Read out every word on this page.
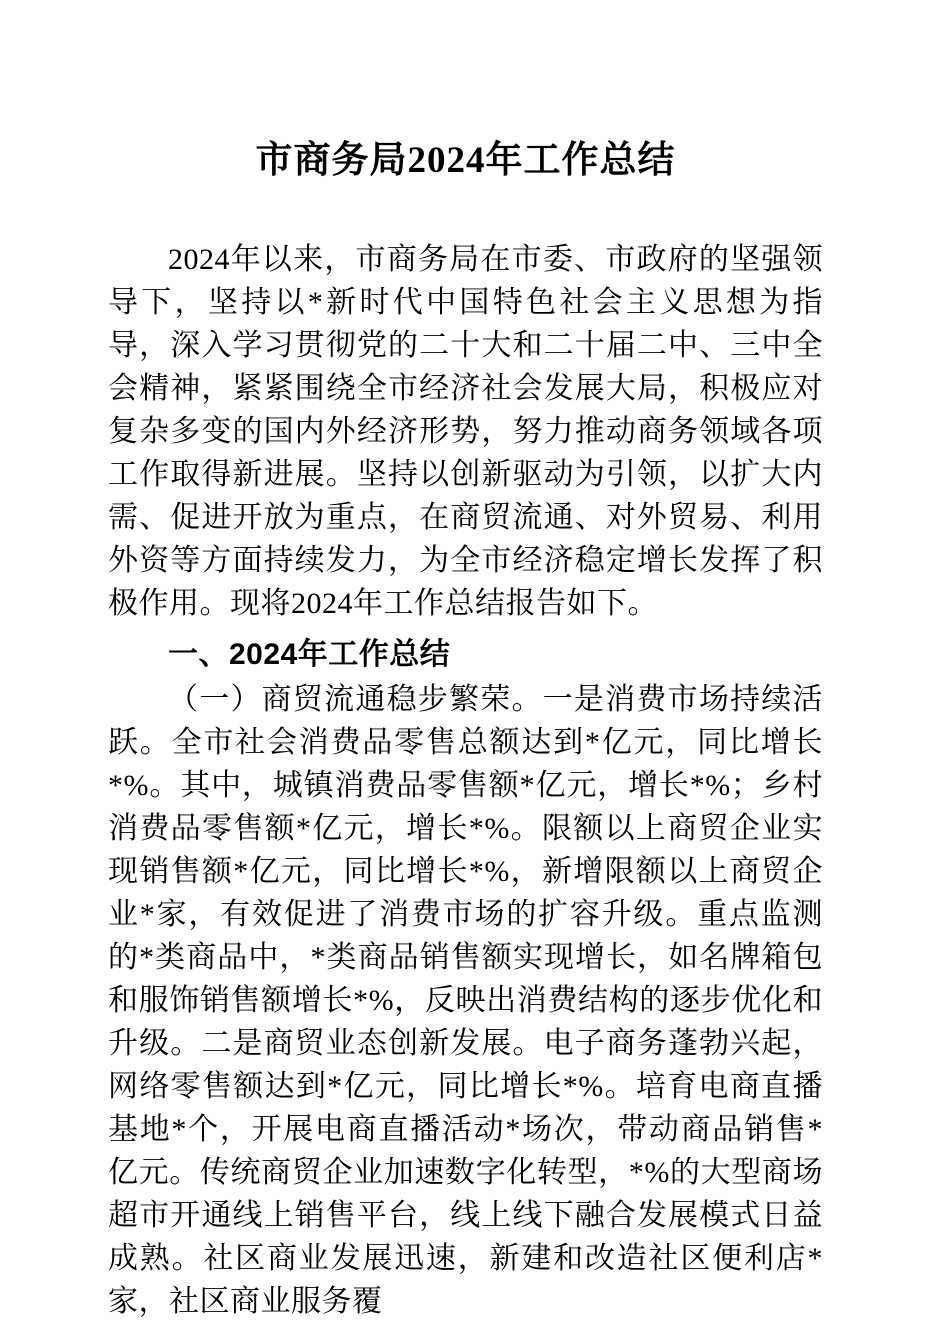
市商务局2024年工作总结

2024年以来，市商务局在市委、市政府的坚强领导下，坚持以*新时代中国特色社会主义思想为指导，深入学习贯彻党的二十大和二十届二中、三中全会精神，紧紧围绕全市经济社会发展大局，积极应对复杂多变的国内外经济形势，努力推动商务领域各项工作取得新进展。坚持以创新驱动为引领，以扩大内需、促进开放为重点，在商贸流通、对外贸易、利用外资等方面持续发力，为全市经济稳定增长发挥了积极作用。现将2024年工作总结报告如下。

一、2024年工作总结

（一）商贸流通稳步繁荣。一是消费市场持续活跃。全市社会消费品零售总额达到*亿元，同比增长*%。其中，城镇消费品零售额*亿元，增长*%；乡村消费品零售额*亿元，增长*%。限额以上商贸企业实现销售额*亿元，同比增长*%，新增限额以上商贸企业*家，有效促进了消费市场的扩容升级。重点监测的*类商品中，*类商品销售额实现增长，如名牌箱包和服饰销售额增长*%，反映出消费结构的逐步优化和升级。二是商贸业态创新发展。电子商务蓬勃兴起，网络零售额达到*亿元，同比增长*%。培育电商直播基地*个，开展电商直播活动*场次，带动商品销售*亿元。传统商贸企业加速数字化转型，*%的大型商场超市开通线上销售平台，线上线下融合发展模式日益成熟。社区商业发展迅速，新建和改造社区便利店*家，社区商业服务覆
